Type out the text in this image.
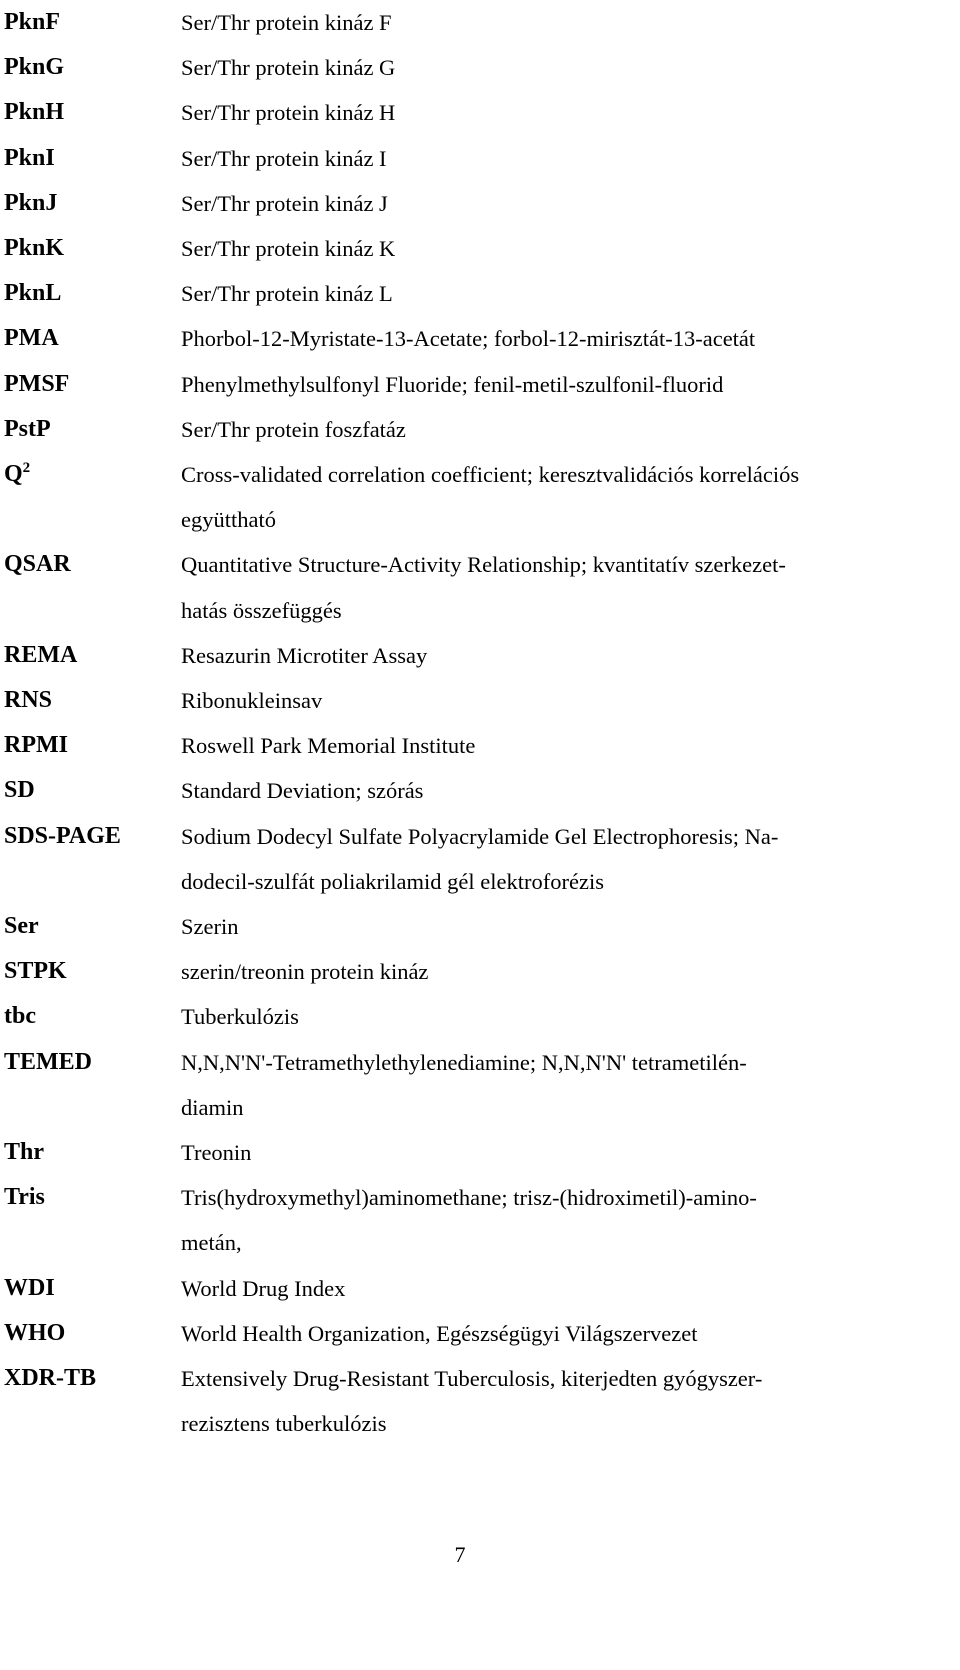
PknF	Ser/Thr protein kináz F
PknG	Ser/Thr protein kináz G
PknH	Ser/Thr protein kináz H
PknI	Ser/Thr protein kináz I
PknJ	Ser/Thr protein kináz J
PknK	Ser/Thr protein kináz K
PknL	Ser/Thr protein kináz L
PMA	Phorbol-12-Myristate-13-Acetate; forbol-12-mirisztát-13-acetát
PMSF	Phenylmethylsulfonyl Fluoride; fenil-metil-szulfonil-fluorid
PstP	Ser/Thr protein foszfatáz
$Q^2$	Cross-validated correlation coefficient; keresztvalidációs korrelációs
együttható
QSAR	Quantitative Structure-Activity Relationship; kvantitatív szerkezet-
hatás összefüggés
REMA	Resazurin Microtiter Assay
RNS	Ribonukleinsav
RPMI	Roswell Park Memorial Institute
SD	Standard Deviation; szórás
SDS-PAGE	Sodium Dodecyl Sulfate Polyacrylamide Gel Electrophoresis; Na-
dodecil-szulfát poliakrilamid gél elektroforézis
Ser	Szerin
STPK	szerin/treonin protein kináz
tbc	Tuberkulózis
TEMED	N,N,N'N'-Tetramethylethylenediamine; N,N,N'N' tetrametilén-
diamin
Thr	Treonin
Tris	Tris(hydroxymethyl)aminomethane; trisz-(hidroximetil)-amino-
metán,
WDI	World Drug Index
WHO	World Health Organization, Egészségügyi Világszervezet
XDR-TB	Extensively Drug-Resistant Tuberculosis, kiterjedten gyógyszer-
rezisztens tuberkulózis
7
